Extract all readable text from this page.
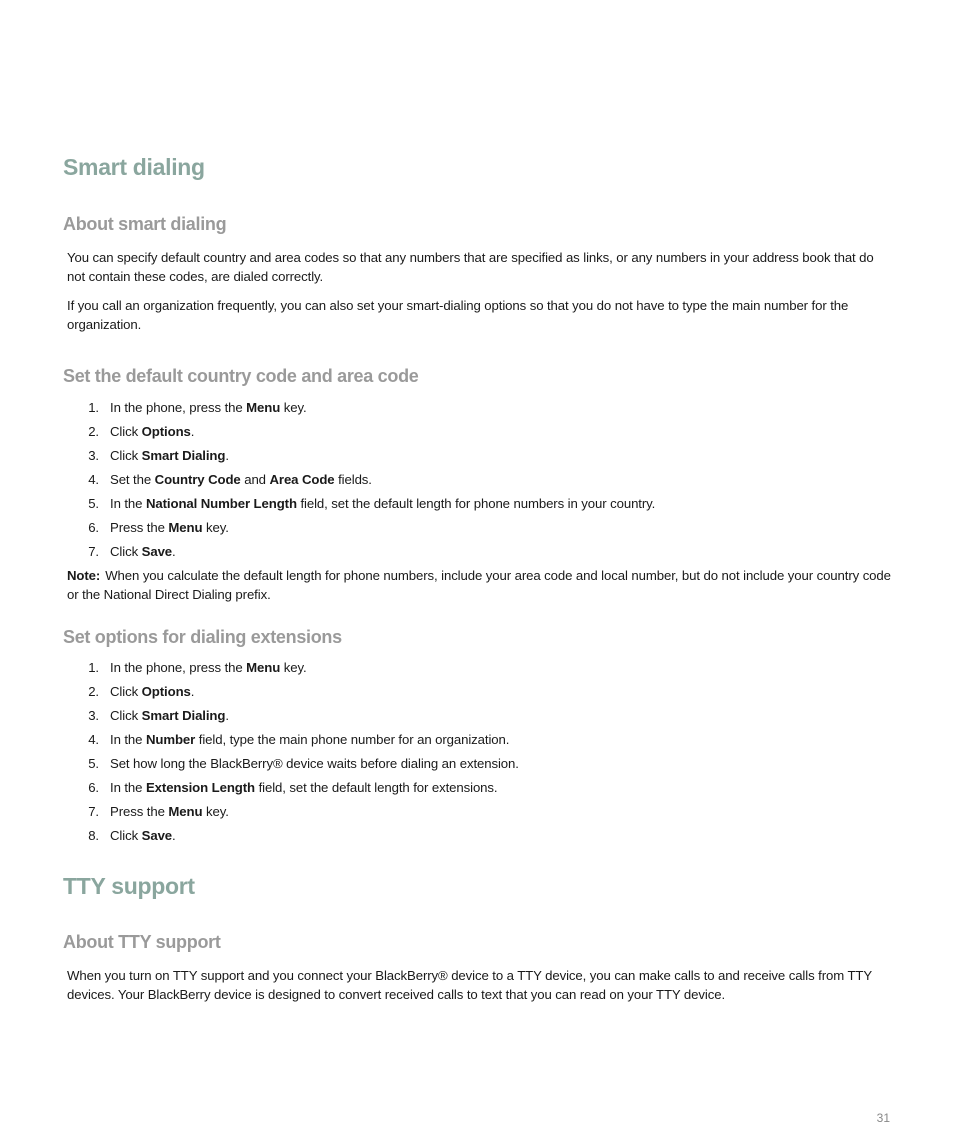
Smart dialing
About smart dialing

You can specify default country and area codes so that any numbers that are specified as links, or any numbers in your address book that do not contain these codes, are dialed correctly.

If you call an organization frequently, you can also set your smart-dialing options so that you do not have to type the main number for the organization.

Set the default country code and area code
1. In the phone, press the Menu key.
2. Click Options.
3. Click Smart Dialing.
4. Set the Country Code and Area Code fields.
5. In the National Number Length field, set the default length for phone numbers in your country.
6. Press the Menu key.
7. Click Save.

Note: When you calculate the default length for phone numbers, include your area code and local number, but do not include your country code or the National Direct Dialing prefix.

Set options for dialing extensions
1. In the phone, press the Menu key.
2. Click Options.
3. Click Smart Dialing.
4. In the Number field, type the main phone number for an organization.
5. Set how long the BlackBerry® device waits before dialing an extension.
6. In the Extension Length field, set the default length for extensions.
7. Press the Menu key.
8. Click Save.
TTY support
About TTY support

When you turn on TTY support and you connect your BlackBerry® device to a TTY device, you can make calls to and receive calls from TTY devices. Your BlackBerry device is designed to convert received calls to text that you can read on your TTY device.

31
